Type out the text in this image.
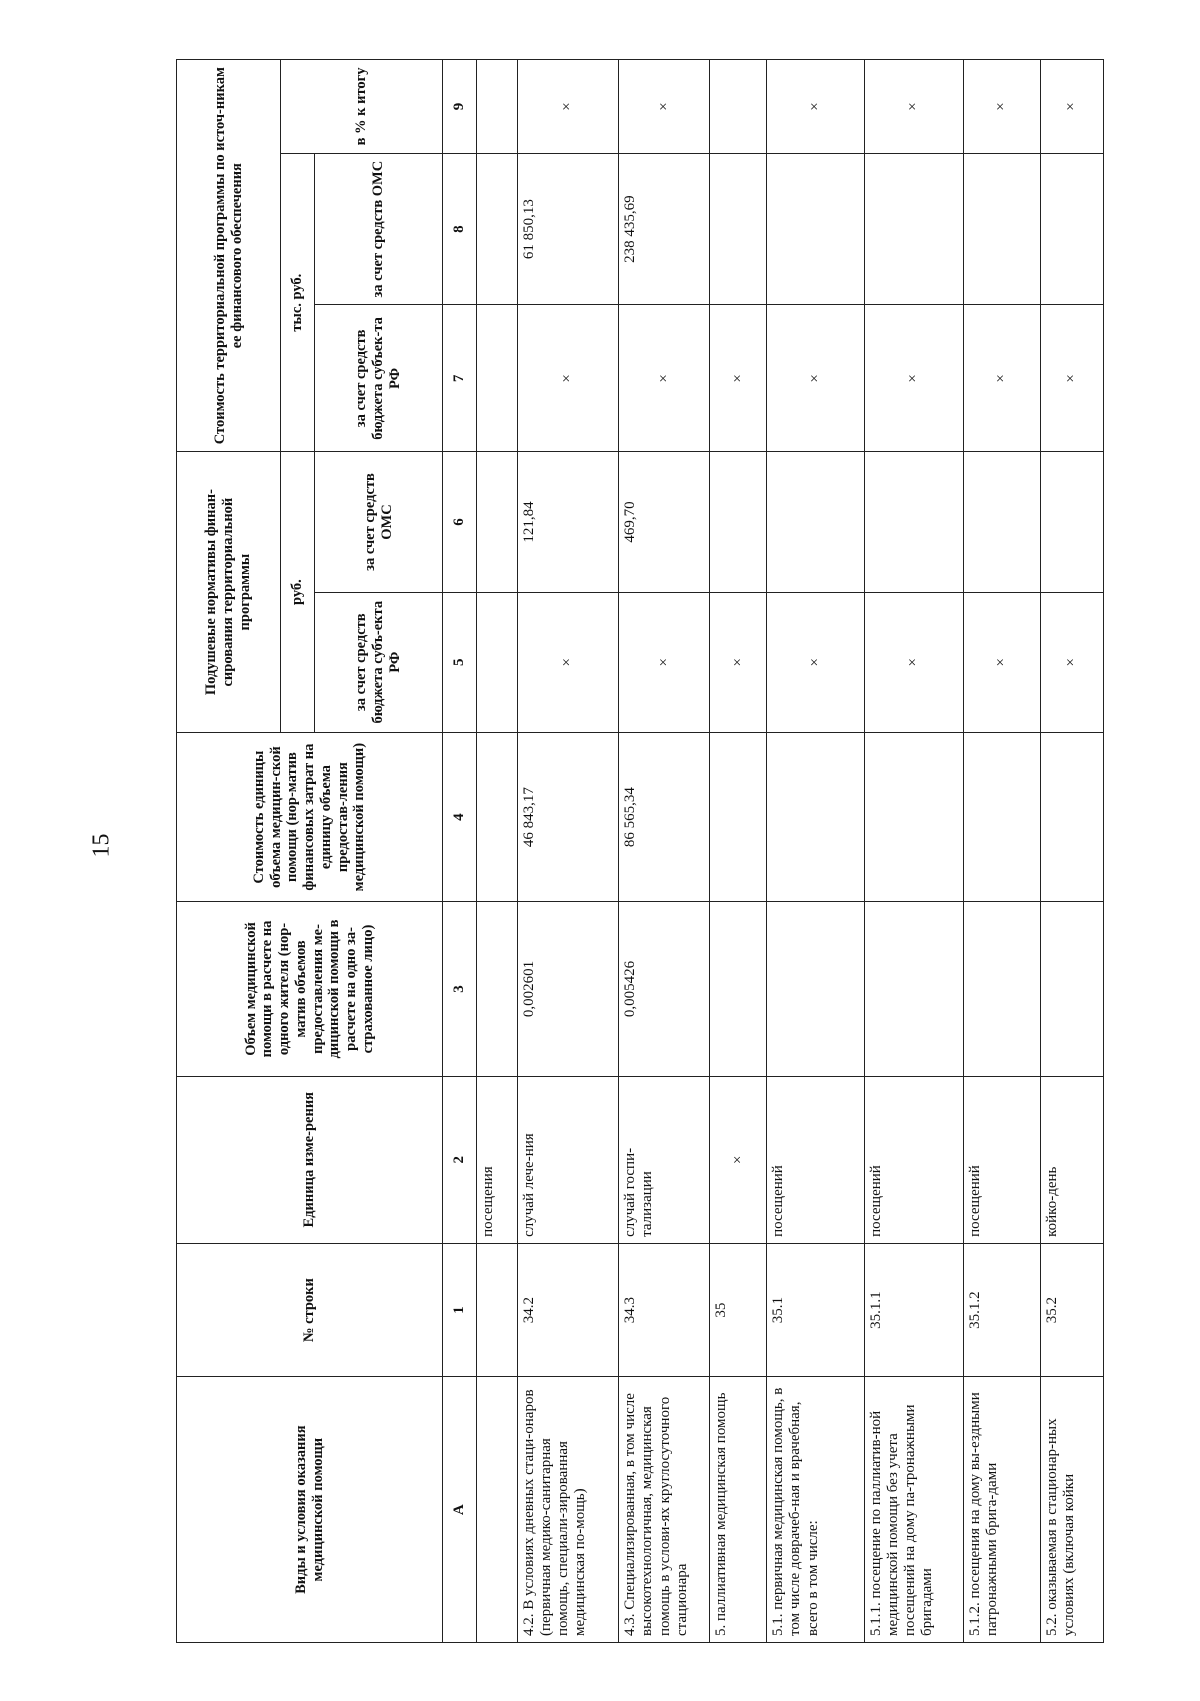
15
Виды и условия оказания медицинской помощи	№ строки	Единица изме-рения	Объем медицинской помощи в расчете на одного жителя (нор-матив объемов предоставления ме-дицинской помощи в расчете на одно за-страхованное лицо)	Стоимость единицы объема медицин-ской помощи (нор-матив финансовых затрат на единицу объема предостав-ления медицинской помощи)	Подушевые нормативы финан-сирования территориальной программы		Стоимость территориальной программы по источ-никам ее финансового обеспечения		
					руб.		тыс. руб.		в % к итогу
					за счет средств бюджета субъ-екта РФ	за счет средств ОМС	за счет средств бюджета субъек-та РФ	за счет средств ОМС	
А	1	2	3	4	5	6	7	8	9
		посещения							
4.2. В условиях дневных стаци-онаров (первичная медико-санитарная помощь, специали-зированная медицинская по-мощь)	34.2	случай лече-ния	0,002601	46 843,17	×	121,84	×	61 850,13	×
4.3. Специализированная, в том числе высокотехнологичная, медицинская помощь в услови-ях круглосуточного стационара	34.3	случай госпи-тализации	0,005426	86 565,34	×	469,70	×	238 435,69	×
5. паллиативная медицинская помощь	35	×			×		×		
5.1. первичная медицинская помощь, в том числе доврачеб-ная и врачебная, всего в том числе:	35.1	посещений			×		×		×
5.1.1. посещение по паллиатив-ной медицинской помощи без учета посещений на дому па-тронажными бригадами	35.1.1	посещений			×		×		×
5.1.2. посещения на дому вы-ездными патронажными брига-дами	35.1.2	посещений			×		×		×
5.2. оказываемая в стационар-ных условиях (включая койки	35.2	койко-день			×		×		×
